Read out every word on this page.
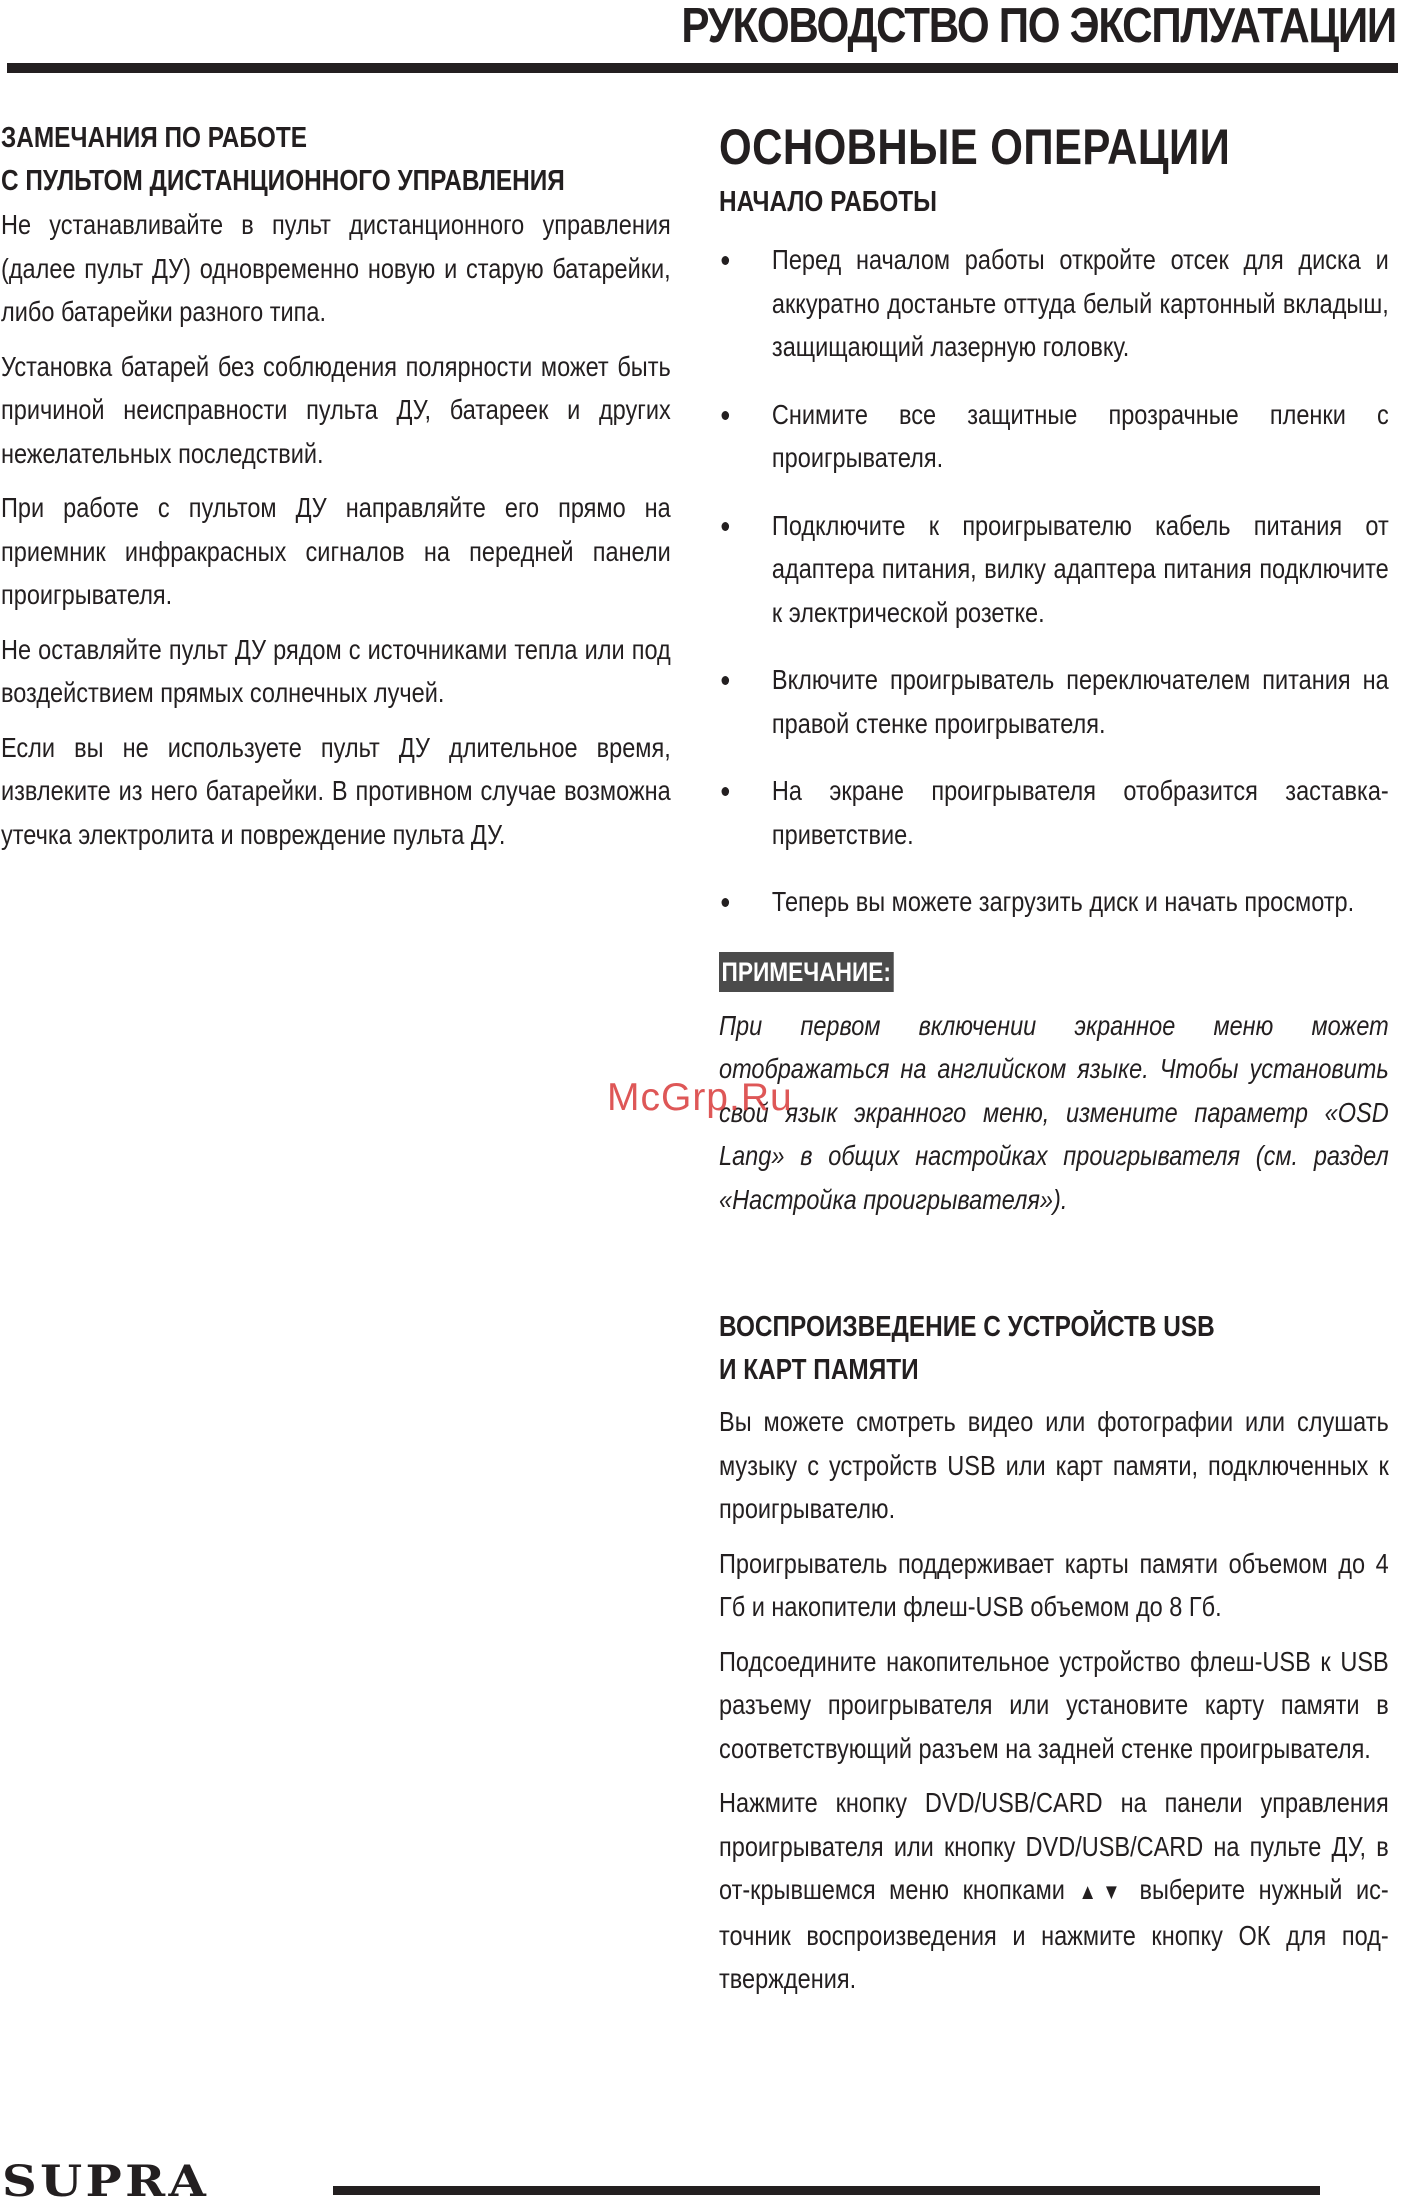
РУКОВОДСТВО ПО ЭКСПЛУАТАЦИИ
ЗАМЕЧАНИЯ ПО РАБОТЕ
С ПУЛЬТОМ ДИСТАНЦИОННОГО УПРАВЛЕНИЯ

Не устанавливайте в пульт дистанционного управления (далее пульт ДУ) одновременно новую и старую батарейки, либо батарейки разного типа.

Установка батарей без соблюдения полярности может быть причиной неисправности пульта ДУ, батареек и других нежелательных последствий.

При работе с пультом ДУ направляйте его прямо на приемник инфракрасных сигналов на передней панели проигрывателя.

Не оставляйте пульт ДУ рядом с источниками тепла или под воздействием прямых солнечных лучей.

Если вы не используете пульт ДУ длительное время, извлеките из него батарейки. В противном случае возможна утечка электролита и повреждение пульта ДУ.

ОСНОВНЫЕ ОПЕРАЦИИ
НАЧАЛО РАБОТЫ
Перед началом работы откройте отсек для диска и аккуратно достаньте оттуда белый картонный вкладыш, защищающий лазерную головку.
Снимите все защитные прозрачные пленки с проигрывателя.
Подключите к проигрывателю кабель питания от адаптера питания, вилку адаптера питания подключите к электрической розетке.
Включите проигрыватель переключателем питания на правой стенке проигрывателя.
На экране проигрывателя отобразится заставка-приветствие.
Теперь вы можете загрузить диск и начать просмотр.
ПРИМЕЧАНИЕ:

При первом включении экранное меню может отображаться на английском языке. Чтобы установить свой язык экранного меню, измените параметр «OSD Lang» в общих настройках проигрывателя (см. раздел «Настройка проигрывателя»).

ВОСПРОИЗВЕДЕНИЕ С УСТРОЙСТВ USB
И КАРТ ПАМЯТИ

Вы можете смотреть видео или фотографии или слушать музыку с устройств USB или карт памяти, подключенных к проигрывателю.

Проигрыватель поддерживает карты памяти объемом до 4 Гб и накопители флеш-USB объемом до 8 Гб.

Подсоедините накопительное устройство флеш-USB к USB разъему проигрывателя или установите карту памяти в соответствующий разъем на задней стенке проигрывателя.

Нажмите кнопку DVD/USB/CARD на панели управления проигрывателя или кнопку DVD/USB/CARD на пульте ДУ, в от-крывшемся меню кнопками ▲▼ выберите нужный ис-точник воспроизведения и нажмите кнопку ОК для под-тверждения.

McGrp.Ru
SUPRA
